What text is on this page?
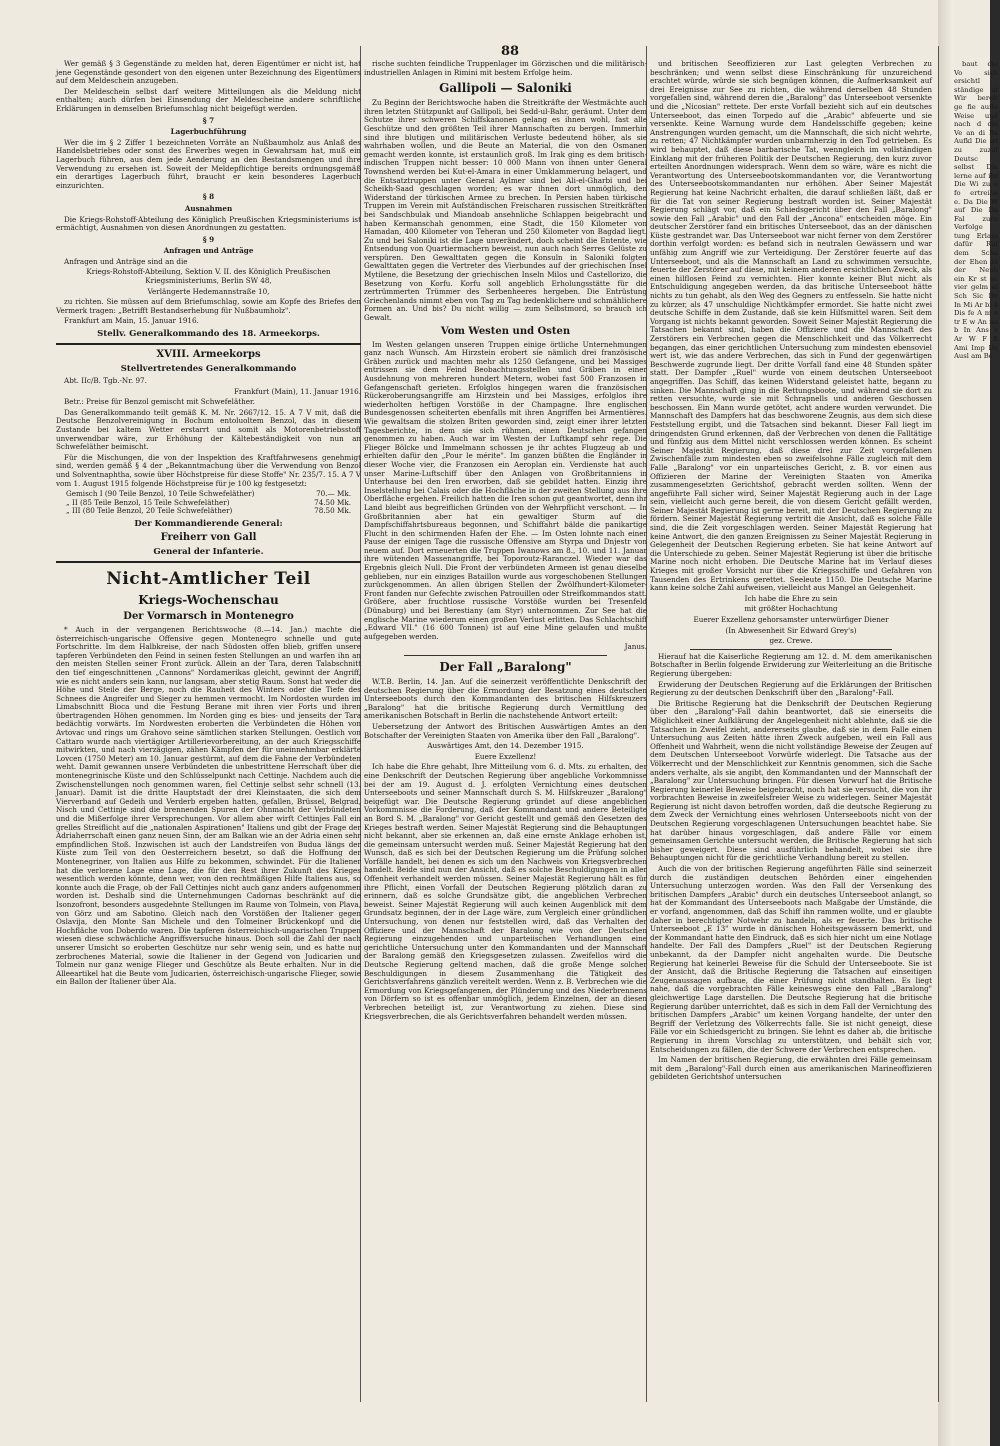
88

Wer gemäß § 3 Gegenstände zu melden hat, deren Eigentümer er nicht ist, hat jene Gegenstände gesondert von den eigenen unter Bezeichnung des Eigentümers auf dem Meldeschein anzugeben.

Der Meldeschein selbst darf weitere Mitteilungen als die Meldung nicht enthalten; auch dürfen bei Einsendung der Meldescheine andere schriftliche Erklärungen in demselben Briefumschlag nicht beigefügt werden.

§ 7
Lagerbuchführung

Wer die im § 2 Ziffer 1 bezeichneten Vorräte an Nußbaumholz aus Anlaß des Handelsbetriebes oder sonst des Erwerbes wegen in Gewahrsam hat, muß ein Lagerbuch führen, aus dem jede Aenderung an den Bestandsmengen und ihre Verwendung zu ersehen ist. Soweit der Meldepflichtige bereits ordnungsgemäß ein derartiges Lagerbuch führt, braucht er kein besonderes Lagerbuch einzurichten.

§ 8
Ausnahmen

Die Kriegs-Rohstoff-Abteilung des Königlich Preußischen Kriegsministeriums ist ermächtigt, Ausnahmen von diesen Anordnungen zu gestatten.

§ 9
Anfragen und Anträge

Anfragen und Anträge sind an die

Kriegs-Rohstoff-Abteilung, Sektion V. II. des Königlich Preußischen Kriegsministeriums, Berlin SW 48,

Verlängerte Hedemannstraße 10,

zu richten. Sie müssen auf dem Briefumschlag, sowie am Kopfe des Briefes den Vermerk tragen: „Betrifft Bestandserhebung für Nußbaumholz".

Frankfurt am Main, 15. Januar 1916.

Stellv. Generalkommando des 18. Armeekorps.
XVIII. Armeekorps
Stellvertretendes Generalkommando

Abt. IIc/B. Tgb.-Nr. 97.

Frankfurt (Main), 11. Januar 1916.

Betr.: Preise für Benzol gemischt mit Schwefeläther.

Das Generalkommando teilt gemäß K. M. Nr. 2667/12. 15. A 7 V mit, daß die Deutsche Benzolvereinigung in Bochum entoluoltem Benzol, das in diesem Zustande bei kaltem Wetter erstarrt und somit als Motorenbetriebsstoff unverwendbar wäre, zur Erhöhung der Kältebeständigkeit von nun an Schwefeläther beimischt.

Für die Mischungen, die von der Inspektion des Kraftfahrwesens genehmigt sind, werden gemäß § 4 der „Bekanntmachung über die Verwendung von Benzol und Solventnaphtha, sowie über Höchstpreise für diese Stoffe" Nr. 235/7. 15. A 7 V vom 1. August 1915 folgende Höchstpreise für je 100 kg festgesetzt:

Gemisch I (90 Teile Benzol, 10 Teile Schwefeläther)	70.— Mk.
„ II (85 Teile Benzol, 15 Teile Schwefeläther)	74.50 Mk.
„ III (80 Teile Benzol, 20 Teile Schwefeläther)	78.50 Mk.
Der Kommandierende General:
Freiherr von Gall
General der Infanterie.
Nicht-Amtlicher Teil
Kriegs-Wochenschau
Der Vormarsch in Montenegro

* Auch in der vergangenen Berichtswoche (8.—14. Jan.) machte die österreichisch-ungarische Offensive gegen Montenegro schnelle und gute Fortschritte. Im dem Halbkreise, der nach Südosten offen blieb, griffen unsere tapferen Verbündeten den Feind in seinen festen Stellungen an und warfen ihn an den meisten Stellen seiner Front zurück. Allein an der Tara, deren Talabschnitt den tief eingeschnittenen „Cannons" Nordamerikas gleicht, gewinnt der Angriff, wie es nicht anders sein kann, nur langsam, aber stetig Raum. Sonst hat weder die Höhe und Steile der Berge, noch die Rauheit des Winters oder die Tiefe des Schnees die Angreifer und Sieger zu hemmen vermocht. Im Nordosten wurden im Limabschnitt Bioca und die Festung Berane mit ihren vier Forts und ihren übertragenden Höhen genommen. Im Norden ging es bies- und jenseits der Tara bedächtig vorwärts. Im Nordwesten eroberten die Verbündeten die Höhen von Avtovac und rings um Grahovo seine sämtlichen starken Stellungen. Oestlich von Cattaro wurde nach viertägiger Artillerievorbereitung, an der auch Kriegsschiffe mitwirkten, und nach vierzägigen, zähen Kämpfen der für uneinnehmbar erklärte Lovcen (1750 Meter) am 10. Januar gestürmt, auf dem die Fahne der Verbündeten weht. Damit gewannen unsere Verbündeten die unbestrittene Herrschaft über die montenegrinische Küste und den Schlüsselpunkt nach Cettinje. Nachdem auch die Zwischenstellungen noch genommen waren, fiel Cettinje selbst sehr schnell (13. Januar). Damit ist die dritte Hauptstadt der drei Kleinstaaten, die sich dem Vierverband auf Gedeih und Verderb ergeben hatten, gefallen, Brüssel, Belgrad, Nisch und Cettinje sind die brennenden Spuren der Ohnmacht der Verbündeten und die Mißerfolge ihrer Versprechungen. Vor allem aber wirft Cettinjes Fall ein grelles Streiflicht auf die „nationalen Aspirationen" Italiens und gibt der Frage der Adriaherrschaft einen ganz neuen Sinn, der am Balkan wie an der Adria einen sehr empfindlichen Stoß. Inzwischen ist auch der Landstreifen von Budua längs der Küste zum Teil von den Oesterreichern besetzt, so daß die Hoffnung der Montenegriner, von Italien aus Hilfe zu bekommen, schwindet. Für die Italiener hat die verlorene Lage eine Lage, die für den Rest ihrer Zukunft des Krieges wesentlich werden könnte, denn wer, von den rechtmäßigen Hilfe Italiens aus, so konnte auch die Frage, ob der Fall Cettinjes nicht auch ganz anders aufgenommen worden ist. Deshalb sind die Unternehmungen Cadornas beschränkt auf die Isonzofront, besonders ausgedehnte Stellungen im Raume von Tolmein, von Plava, von Görz und am Sabotino. Gleich nach den Vorstößen der Italiener gegen Oslavija, den Monte San Michele und den Tolmeiner Brückenkopf und die Hochfläche von Doberdo waren. Die tapferen österreichisch-ungarischen Truppen wiesen diese schwächliche Angriffsversuche hinaus. Doch soll die Zahl der nach unserer Umsicht so eroberten Geschütze nur sehr wenig sein, und es hatte nur zerbrochenes Material, sowie die Italiener in der Gegend von Judicarien und Tolmein nur ganz wenige Flieger und Geschütze als Beute erhalten. Nur in die Alleeartikel hat die Beute vom Judicarien, österreichisch-ungarische Flieger, sowie ein Ballon der Italiener über Ala.

rische suchten feindliche Truppenlager im Görzischen und die militärisch-industriellen Anlagen in Rimini mit bestem Erfolge heim.

Gallipoli — Saloniki

Zu Beginn der Berichtswoche haben die Streitkräfte der Westmächte auch ihren letzten Stützpunkt auf Gallipoli, bei Sedd-ul-Bahr, geräumt. Unter dem Schutze ihrer schweren Schiffskanonen gelang es ihnen wohl, fast alle Geschütze und den größten Teil ihrer Mannschaften zu bergen. Immerhin sind ihre blutigen und militärischen Verluste bedeutend höher, als sie wahrhaben wollen, und die Beute an Material, die von den Osmanen gemacht werden konnte, ist erstaunlich groß. Im Irak ging es dem britisch-indischen Truppen nicht besser: 10 000 Mann von ihnen unter General Townshend werden bei Kut-el-Amara in einer Umklammerung belagert, und die Entsatztruppen unter General Aylmer sind bei Ali-el-Gharbi und bei Scheikh-Saad geschlagen worden; es war ihnen dort unmöglich, den Widerstand der türkischen Armee zu brechen. In Persien haben türkische Truppen im Verein mit Aufständischen Freischaren russischen Streitkräften bei Sandschbulak und Miandoab ansehnliche Schlappen beigebracht und haben Kermanschah genommen, eine Stadt, die 150 Kilometer von Hamadan, 400 Kilometer von Teheran und 250 Kilometer von Bagdad liegt. Zu und bei Saloniki ist die Lage unverändert, doch scheint die Entente, wie Entsendung von Quartiermachern beweist, nun auch nach Serres Gelüste zu verspüren. Den Gewalttaten gegen die Konsuln in Saloniki folgten Gewalttaten gegen die Vertreter des Vierbundes auf der griechischen Insel Mytilene, die Besetzung der griechischen Inseln Milos und Castellorizo, die Besetzung von Korfu. Korfu soll angeblich Erholungsstätte für die zertrümmerten Trümmer des Serbenheeres hergeben. Die Entrüstung Griechenlands nimmt eben von Tag zu Tag bedenklichere und schmählichere Formen an. Und bis? Du nicht willig — zum Selbstmord, so brauch ich Gewalt.

Vom Westen und Osten

Im Westen gelangen unseren Truppen einige örtliche Unternehmungen ganz nach Wunsch. Am Hirzstein erobert sie nämlich drei französische Gräben zurück und machten mehr als 1250 Gefangene, und bei Massiges entrissen sie dem Feind Beobachtungsstellen und Gräben in einer Ausdehnung von mehreren hundert Metern, wobei fast 500 Franzosen in Gefangenschaft gerieten. Erfolglos hingegen waren die französischen Rückeroberungsangriffe am Hirzstein und bei Massiges, erfolglos ihre wiederholten heftigen Vorstöße in der Champagne. Ihre englischen Bundesgenossen scheiterten ebenfalls mit ihren Angriffen bei Armentières. Wie gewaltsam die stolzen Briten geworden sind, zeigt einer ihrer letzten Tagesberichte, in dem sie sich rühmen, einen Deutschen gefangen genommen zu haben. Auch war im Westen der Luftkampf sehr rege. Die Flieger Bölcke und Immelmann schossen je ihr achtes Flugzeug ab und erhielten dafür den „Pour le mérite". Im ganzen büßten die Engländer in dieser Woche vier, die Franzosen ein Aeroplan ein. Verdienste hat auch unser Marine-Luftschiff über den Anlagen von Großbritanniens in Unterhause bei den Iren erworben, daß sie gebildet hatten. Einzig ihre Inselstellung bei Calais oder die Hochfläche in der zweiten Stellung aus ihre Oberfläche ergehen. Freilich hatten die Iren schon gut geantwortet, denn ihr Land bleibt aus begreiflichen Gründen von der Wehrpflicht verschont. — In Großbritannien aber hat ein gewaltiger Sturm auf die Dampfschiffahrtsbureaus begonnen, und Schiffahrt bälde die panikartige Flucht in den schirmenden Hafen der Ehe. — Im Osten lohnte nach einer Pause der einigen Tage die russische Offensive am Styrpa und Dnjestr von neuem auf. Dort erneuerten die Truppen Iwanows am 8., 10. und 11. Januar ihre wütenden Massenangriffe, bei Toporoutz-Raranczel. Wieder war das Ergebnis gleich Null. Die Front der verbündeten Armeen ist genau dieselbe geblieben, nur ein einziges Bataillon wurde aus vorgeschobenen Stellungen zurückgenommen. An allen übrigen Stellen der Zwölfhundert-Kilometer-Front fanden nur Gefechte zwischen Patrouillen oder Streifkommandos statt. Größere, aber fruchtlose russische Vorstöße wurden bei Tresenfeld (Dünaburg) und bei Berestiany (am Styr) unternommen. Zur See hat die englische Marine wiederum einen großen Verlust erlitten. Das Schlachtschiff „Edward VII." (16 600 Tonnen) ist auf eine Mine gelaufen und mußte aufgegeben werden.

Janus.

Der Fall „Baralong"

W.T.B. Berlin, 14. Jan. Auf die seinerzeit veröffentlichte Denkschrift der deutschen Regierung über die Ermordung der Besatzung eines deutschen Unterseeboots durch den Kommandanten des britischen Hilfskreuzers „Baralong" hat die britische Regierung durch Vermittlung der amerikanischen Botschaft in Berlin die nachstehende Antwort erteilt:

Uebersetzung der Antwort des Britischen Auswärtigen Amtes an den Botschafter der Vereinigten Staaten von Amerika über den Fall „Baralong".

Auswärtiges Amt, den 14. Dezember 1915.

Euere Exzellenz!

Ich habe die Ehre gehabt, Ihre Mitteilung vom 6. d. Mts. zu erhalten, der eine Denkschrift der Deutschen Regierung über angebliche Vorkommnisse bei der am 19. August d. J. erfolgten Vernichtung eines deutschen Unterseeboots und seiner Mannschaft durch S. M. Hilfskreuzer „Baralong" beigefügt war. Die Deutsche Regierung gründet auf diese angeblichen Vorkommnisse die Forderung, daß der Kommandant und andere Beteiligte an Bord S. M. „Baralong" vor Gericht gestellt und gemäß den Gesetzen des Krieges bestraft werden. Seiner Majestät Regierung sind die Behauptungen nicht bekannt, aber sie erkennen an, daß eine ernste Anklage erhoben ist, die gemeinsam untersucht werden muß. Seiner Majestät Regierung hat den Wunsch, daß es sich bei der Deutschen Regierung um die Prüfung solcher Vorfälle handelt, bei denen es sich um den Nachweis von Kriegsverbrechen handelt. Beide sind nun der Ansicht, daß es solche Beschuldigungen in aller Offenheit verhandelt werden müssen. Seiner Majestät Regierung hält es für ihre Pflicht, einen Vorfall der Deutschen Regierung plötzlich daran zu erinnern, daß es solche Grundsätze gibt, die angeblichen Verbrechen beweist. Seiner Majestät Regierung will auch keinen Augenblick mit dem Grundsatz beginnen, der in der Lage wäre, zum Vergleich einer gründlichen Untersuchung, von denen nur feststellen wird, daß das Verhalten der Offiziere und der Mannschaft der Baralong wie von der Deutschen Regierung einzugehenden und unparteiischen Verhandlungen eine gerichtliche Untersuchung unter den Kommandanten und der Mannschaft der Baralong gemäß den Kriegsgesetzen zulassen. Zweifellos wird die Deutsche Regierung geltend machen, daß die große Menge solcher Beschuldigungen in diesem Zusammenhang die Tätigkeit des Gerichtsverfahrens gänzlich vereitelt werden. Wenn z. B. Verbrechen wie die Ermordung von Kriegsgefangenen, der Plünderung und des Niederbrennens von Dörfern so ist es offenbar unmöglich, jedem Einzelnen, der an diesen Verbrechen beteiligt ist, zur Verantwortung zu ziehen. Diese sind Kriegsverbrechen, die als Gerichtsverfahren behandelt werden müssen.

und britischen Seeoffizieren zur Last gelegten Verbrechen zu beschränken; und wenn selbst diese Einschränkung für unzureichend erachtet würde, würde sie sich begnügen können, die Aufmerksamkeit auf drei Ereignisse zur See zu richten, die während derselben 48 Stunden vorgefallen sind, während deren die „Baralong" das Unterseeboot versenkte und die „Nicosian" rettete. Der erste Vorfall bezieht sich auf ein deutsches Unterseeboot, das einen Torpedo auf die „Arabic" abfeuerte und sie versenkte. Keine Warnung wurde dem Handelsschiffe gegeben; keine Anstrengungen wurden gemacht, um die Mannschaft, die sich nicht wehrte, zu retten; 47 Nichtkämpfer wurden unbarmherzig in den Tod getrieben. Es wird behauptet, daß diese barbarische Tat, wenngleich im vollständigen Einklang mit der früheren Politik der Deutschen Regierung, den kurz zuvor erteilten Anordnungen widersprach. Wenn dem so wäre, wäre es nicht die Verantwortung des Unterseebootskommandanten vor, die Verantwortung des Unterseebootskommandanten nur erhöhen. Aber Seiner Majestät Regierung hat keine Nachricht erhalten, die darauf schließen läßt, daß er für die Tat von seiner Regierung bestraft worden ist. Seiner Majestät Regierung schlägt vor, daß ein Schiedsgericht über den Fall „Baralong" sowie den Fall „Arabic" und den Fall der „Ancona" entscheiden möge. Ein deutscher Zerstörer fand ein britisches Unterseeboot, das an der dänischen Küste gestrandet war. Das Unterseeboot war nicht ferner von dem Zerstörer dorthin verfolgt worden: es befand sich in neutralen Gewässern und war unfähig zum Angriff wie zur Verteidigung. Der Zerstörer feuerte auf das Unterseeboot, und als die Mannschaft an Land zu schwimmen versuchte, feuerte der Zerstörer auf diese, mit keinem anderen ersichtlichen Zweck, als einen hilflosen Feind zu vernichten. Hier konnte keiner Blut nicht als Entschuldigung angegeben werden, da das britische Unterseeboot hätte nichts zu tun gehabt, als den Weg des Gegners zu entfesseln. Sie hatte nicht zu kürzer, als 47 unschuldige Nichtkämpfer ermordet. Sie hatte nicht zwei deutsche Schiffe in dem Zustande, daß sie kein Hilfsmittel waren. Seit dem Vorgang ist nichts bekannt geworden. Soweit Seiner Majestät Regierung die Tatsachen bekannt sind, haben die Offiziere und die Mannschaft des Zerstörers ein Verbrechen gegen die Menschlichkeit und das Völkerrecht begangen, das einer gerichtlichen Untersuchung zum mindesten ebensoviel wert ist, wie das andere Verbrechen, das sich in Fund der gegenwärtigen Beschwerde zugrunde liegt. Der dritte Vorfall fand eine 48 Stunden später statt. Der Dampfer „Ruel" wurde von einem deutschen Unterseeboot angegriffen. Das Schiff, das keinen Widerstand geleistet hatte, begann zu sinken. Die Mannschaft ging in die Rettungsboote, und während sie dort zu retten versuchte, wurde sie mit Schrapnells und anderen Geschossen beschossen. Ein Mann wurde getötet, acht andere wurden verwundet. Die Mannschaft des Dampfers hat das beschworene Zeugnis, aus dem sich diese Feststellung ergibt, und die Tatsachen sind bekannt. Dieser Fall liegt im dringendsten Grund erkennen, daß der Verbrechen von denen die Falltätige und fünfzig aus dem Mittel nicht verschlossen werden können. Es scheint Seiner Majestät Regierung, daß diese drei zur Zeit vorgefallenen Zwischenfälle zum mindesten eben so zweifelsohne Fälle zugleich mit dem Falle „Baralong" vor ein unparteiisches Gericht, z. B. vor einen aus Offizieren der Marine der Vereinigten Staaten von Amerika zusammengesetzten Gerichtshof, gebracht werden sollten. Wenn der angeführte Fall sicher wird, Seiner Majestät Regierung auch in der Lage sein, vielleicht auch gerne bereit, die von diesem Gericht gefällt werden, Seiner Majestät Regierung ist gerne bereit, mit der Deutschen Regierung zu fördern. Seiner Majestät Regierung vertritt die Ansicht, daß es solche Fälle sind, die die Zeit vorgeschlagen werden. Seiner Majestät Regierung hat keine Antwort, die den ganzen Ereignissen zu Seiner Majestät Regierung in Gelegenheit der Deutschen Regierung erbeten. Sie hat keine Antwort auf die Unterschiede zu geben. Seiner Majestät Regierung ist über die britische Marine noch nicht erhoben. Die Deutsche Marine hat im Verlauf dieses Krieges mit großer Vorsicht nur über die Kriegsschiffe und Gefahren von Tausenden des Ertrinkens gerettet. Seeleute 1150. Die Deutsche Marine kann keine solche Zahl aufweisen, vielleicht aus Mangel an Gelegenheit.

Ich habe die Ehre zu sein

mit größter Hochachtung

Euerer Exzellenz gehorsamster unterwürfiger Diener

(In Abwesenheit Sir Edward Grey's)

gez. Crewe.

Hierauf hat die Kaiserliche Regierung am 12. d. M. dem amerikanischen Botschafter in Berlin folgende Erwiderung zur Weiterleitung an die Britische Regierung übergeben:

Erwiderung der Deutschen Regierung auf die Erklärungen der Britischen Regierung zu der deutschen Denkschrift über den „Baralong"-Fall.

Die Britische Regierung hat die Denkschrift der Deutschen Regierung über den „Baralong"-Fall dahin beantwortet, daß sie einerseits die Möglichkeit einer Aufklärung der Angelegenheit nicht ablehnte, daß sie die Tatsachen in Zweifel zieht, andererseits glaube, daß sie in dem Falle einen Untersuchung aus Zeiten hätte ihren Zweck aufgeben, weil ein Fall aus Offenheit und Wahrheit, wenn die nicht vollständige Beweise der Zeugen auf dem Deutschen Unterseeboot Vorwürfe widerlegt. Die Tatsache aus der Völkerrecht und der Menschlichkeit zur Kenntnis genommen, sich die Sache anders verhalte, als sie angibt, den Kommandanten und der Mannschaft der „Baralong" zur Untersuchung bringen. Für diesen Vorwurf hat die Britische Regierung keinerlei Beweise beigebracht, noch hat sie versucht, die von ihr vorbrachten Beweise in zweifelsfreier Weise zu widerlegen. Seiner Majestät Regierung ist nicht davon betroffen worden, daß die deutsche Regierung zu dem Zweck der Vernichtung eines wehrlosen Unterseeboots nicht von der Deutschen Regierung vorgeschlagenen Untersuchungen beachtet habe. Sie hat darüber hinaus vorgeschlagen, daß andere Fälle vor einem gemeinsamen Gerichte untersucht werden, die Britische Regierung hat sich bisher geweigert. Diese sind ausführlich behandelt, wobei sie ihre Behauptungen nicht für die gerichtliche Verhandlung bereit zu stellen.

Auch die von der britischen Regierung angeführten Fälle sind seinerzeit durch die zuständigen deutschen Behörden einer eingehenden Untersuchung unterzogen worden. Was den Fall der Versenkung des britischen Dampfers „Arabic" durch ein deutsches Unterseeboot anlangt, so hat der Kommandant des Unterseeboots nach Maßgabe der Umstände, die er vorfand, angenommen, daß das Schiff ihn rammen wollte, und er glaubte daher in berechtigter Notwehr zu handeln, als er feuerte. Das britische Unterseeboot „E 13" wurde in dänischen Hoheitsgewässern bemerkt, und der Kommandant hatte den Eindruck, daß es sich hier nicht um eine Notlage handelte. Der Fall des Dampfers „Ruel" ist der Deutschen Regierung unbekannt, da der Dampfer nicht angehalten wurde. Die Deutsche Regierung hat keinerlei Beweise für die Schuld der Unterseeboote. Sie ist der Ansicht, daß die Britische Regierung die Tatsachen auf einseitigen Zeugenaussagen aufbaue, die einer Prüfung nicht standhalten. Es liegt nahe, daß die vorgebrachten Fälle keineswegs eine den Fall „Baralong" gleichwertige Lage darstellen. Die Deutsche Regierung hat die britische Regierung darüber unterrichtet, daß es sich in dem Fall der Vernichtung des britischen Dampfers „Arabic" um keinen Vorgang handelte, der unter den Begriff der Verletzung des Völkerrechts falle. Sie ist nicht geneigt, diese Fälle vor ein Schiedsgericht zu bringen. Sie lehnt es daher ab, die britische Regierung in ihrem Vorschlag zu unterstützen, und behält sich vor, Entscheidungen zu fällen, die der Schwere der Verbrechen entsprechen.

Im Namen der britischen Regierung, die erwähnten drei Fälle gemeinsam mit dem „Baralong"-Fall durch einen aus amerikanischen Marineoffizieren gebildeten Gerichtshof untersuchen

baut die Vo sich ersichtl ständige uf Wir bereit ge fie auffe Weise und nach d die Ve an di Ba Aufkl Die ist zu zuzuf Deutsc selbst Die lerne auf ihr Die Wi zu e fo ertreibe e. Da Die W auf Die Da Fal zuru Verfolge tung Erlass dafür Ruf dem Scha der Ehen in der Neub ein Kr st so vier gelm al Sch Sic De In Mi Ar bi 4 Dis fe A m e tr E w An nu b In Ans v Ar W F fi Ami Imp De Ausl am Be
